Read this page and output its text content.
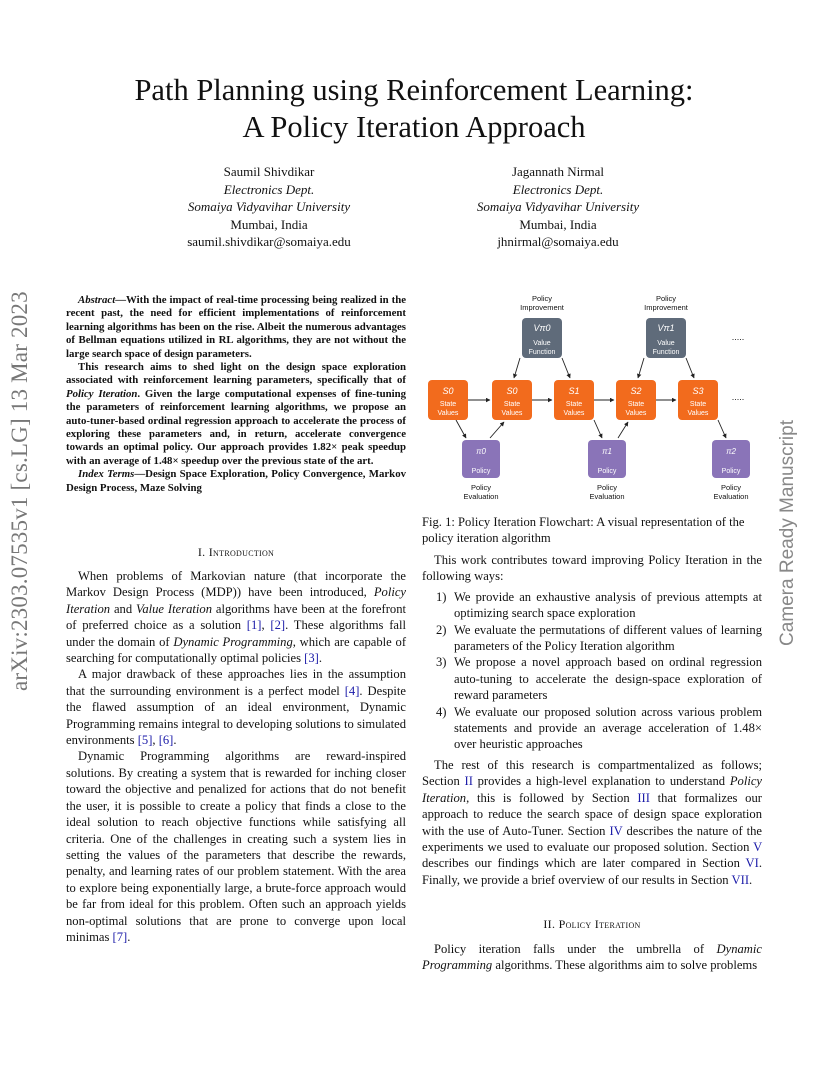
Path Planning using Reinforcement Learning:
A Policy Iteration Approach
Saumil Shivdikar
Electronics Dept.
Somaiya Vidyavihar University
Mumbai, India
saumil.shivdikar@somaiya.edu
Jagannath Nirmal
Electronics Dept.
Somaiya Vidyavihar University
Mumbai, India
jhnirmal@somaiya.edu
arXiv:2303.07535v1 [cs.LG] 13 Mar 2023	Camera Ready Manuscript

Abstract—With the impact of real-time processing being realized in the recent past, the need for efficient implementations of reinforcement learning algorithms has been on the rise. Albeit the numerous advantages of Bellman equations utilized in RL algorithms, they are not without the large search space of design parameters.

This research aims to shed light on the design space exploration associated with reinforcement learning parameters, specifically that of Policy Iteration. Given the large computational expenses of fine-tuning the parameters of reinforcement learning algorithms, we propose an auto-tuner-based ordinal regression approach to accelerate the process of exploring these parameters and, in return, accelerate convergence towards an optimal policy. Our approach provides 1.82× peak speedup with an average of 1.48× speedup over the previous state of the art.

Index Terms—Design Space Exploration, Policy Convergence, Markov Design Process, Maze Solving

I. Introduction

When problems of Markovian nature (that incorporate the Markov Design Process (MDP)) have been introduced, Policy Iteration and Value Iteration algorithms have been at the forefront of preferred choice as a solution [1], [2]. These algorithms fall under the domain of Dynamic Programming, which are capable of searching for computationally optimal policies [3].

A major drawback of these approaches lies in the assumption that the surrounding environment is a perfect model [4]. Despite the flawed assumption of an ideal environment, Dynamic Programming remains integral to developing solutions to simulated environments [5], [6].

Dynamic Programming algorithms are reward-inspired solutions. By creating a system that is rewarded for inching closer toward the objective and penalized for actions that do not benefit the user, it is possible to create a policy that finds a close to the ideal solution to reach objective functions while satisfying all criteria. One of the challenges in creating such a system lies in setting the values of the parameters that describe the rewards, penalty, and learning rates of our problem statement. With the area to explore being exponentially large, a brute-force approach would be far from ideal for this problem. Often such an approach yields non-optimal solutions that are prone to converge upon local minimas [7].

S0
State
Values
S0
State
Values
S1
State
Values
S2
State
Values
S3
State
Values
.....
.....
Vπ0
Value
Function
Policy
Improvement
Vπ1
Value
Function
Policy
Improvement
π0
Policy
Policy
Evaluation
π1
Policy
Policy
Evaluation
π2
Policy
Policy
Evaluation
Fig. 1: Policy Iteration Flowchart: A visual representation of the policy iteration algorithm

This work contributes toward improving Policy Iteration in the following ways:

1) We provide an exhaustive analysis of previous attempts at optimizing search space exploration
2) We evaluate the permutations of different values of learning parameters of the Policy Iteration algorithm
3) We propose a novel approach based on ordinal regression auto-tuning to accelerate the design-space exploration of reward parameters
4) We evaluate our proposed solution across various problem statements and provide an average acceleration of 1.48× over heuristic approaches

The rest of this research is compartmentalized as follows; Section II provides a high-level explanation to understand Policy Iteration, this is followed by Section III that formalizes our approach to reduce the search space of design space exploration with the use of Auto-Tuner. Section IV describes the nature of the experiments we used to evaluate our proposed solution. Section V describes our findings which are later compared in Section VI. Finally, we provide a brief overview of our results in Section VII.

II. Policy Iteration

Policy iteration falls under the umbrella of Dynamic Programming algorithms. These algorithms aim to solve problems
